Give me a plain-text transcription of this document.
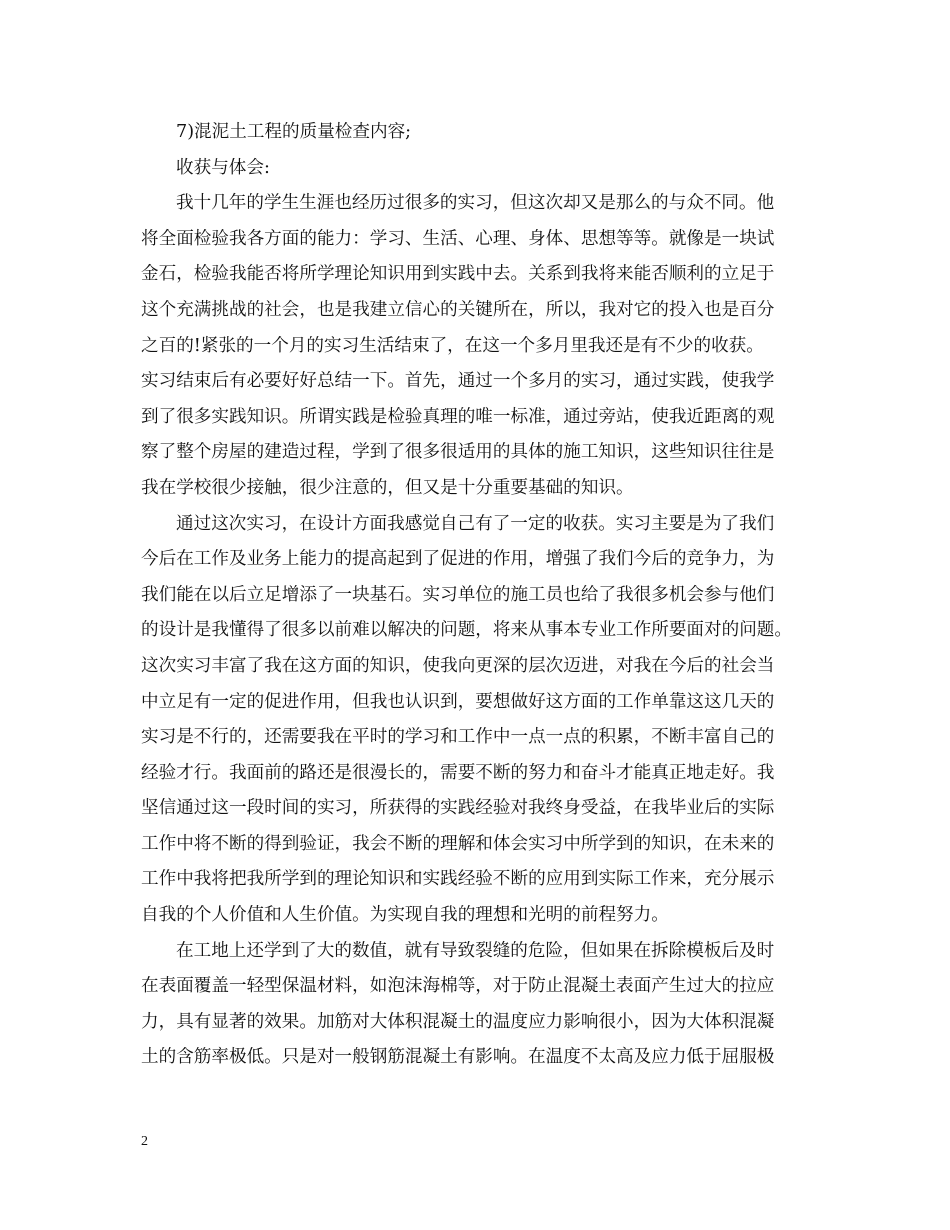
7)混泥土工程的质量检查内容;
收获与体会:
我十几年的学生生涯也经历过很多的实习，但这次却又是那么的与众不同。他
将全面检验我各方面的能力：学习、生活、心理、身体、思想等等。就像是一块试
金石，检验我能否将所学理论知识用到实践中去。关系到我将来能否顺利的立足于
这个充满挑战的社会，也是我建立信心的关键所在，所以，我对它的投入也是百分
之百的!紧张的一个月的实习生活结束了，在这一个多月里我还是有不少的收获。
实习结束后有必要好好总结一下。首先，通过一个多月的实习，通过实践，使我学
到了很多实践知识。所谓实践是检验真理的唯一标准，通过旁站，使我近距离的观
察了整个房屋的建造过程，学到了很多很适用的具体的施工知识，这些知识往往是
我在学校很少接触，很少注意的，但又是十分重要基础的知识。
通过这次实习，在设计方面我感觉自己有了一定的收获。实习主要是为了我们
今后在工作及业务上能力的提高起到了促进的作用，增强了我们今后的竞争力，为
我们能在以后立足增添了一块基石。实习单位的施工员也给了我很多机会参与他们
的设计是我懂得了很多以前难以解决的问题，将来从事本专业工作所要面对的问题。
这次实习丰富了我在这方面的知识，使我向更深的层次迈进，对我在今后的社会当
中立足有一定的促进作用，但我也认识到，要想做好这方面的工作单靠这这几天的
实习是不行的，还需要我在平时的学习和工作中一点一点的积累，不断丰富自己的
经验才行。我面前的路还是很漫长的，需要不断的努力和奋斗才能真正地走好。我
坚信通过这一段时间的实习，所获得的实践经验对我终身受益，在我毕业后的实际
工作中将不断的得到验证，我会不断的理解和体会实习中所学到的知识，在未来的
工作中我将把我所学到的理论知识和实践经验不断的应用到实际工作来，充分展示
自我的个人价值和人生价值。为实现自我的理想和光明的前程努力。
在工地上还学到了大的数值，就有导致裂缝的危险，但如果在拆除模板后及时
在表面覆盖一轻型保温材料，如泡沫海棉等，对于防止混凝土表面产生过大的拉应
力，具有显著的效果。加筋对大体积混凝土的温度应力影响很小，因为大体积混凝
土的含筋率极低。只是对一般钢筋混凝土有影响。在温度不太高及应力低于屈服极
2
